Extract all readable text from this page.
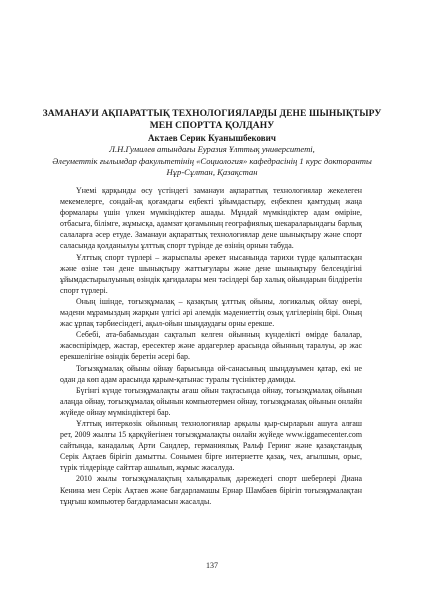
ЗАМАНАУИ АҚПАРАТТЫҚ ТЕХНОЛОГИЯЛАРДЫ ДЕНЕ ШЫНЫҚТЫРУ
МЕН СПОРТТА ҚОЛДАНУ
Актаев Серик Куанышбекович
Л.Н.Гумилев атындағы Еуразия Ұлттық университеті,
Әлеуметтік ғылымдар факультетінің «Социология» кафедрасінің 1 курс докторанты
Нұр-Сұлтан, Қазақстан

Үнемі қарқынды өсу үстіндегі заманауи ақпараттық технологиялар жекелеген мекемелерге, сондай-ақ қоғамдағы еңбекті ұйымдастыру, еңбекпен қамтудың жаңа формалары үшін үлкен мүмкіндіктер ашады. Мұндай мүмкіндіктер адам өміріне, отбасыға, білімге, жұмысқа, адамзат қоғамының географиялық шекараларындағы барлық салаларға әсер етуде. Заманауи ақпараттық технологиялар дене шынықтыру және спорт саласында қолданылуы ұлттық спорт түрінде де өзінің орнын табуда.

Ұлттық спорт түрлері – жарыспалы әрекет нысанында тарихи түрде қалыптасқан және өзіне тән дене шынықтыру жаттығулары және дене шынықтыру белсендігіні ұйымдастырылуының өзіндік қағидалары мен тәсілдері бар халық ойындарын білдіретін спорт түрлері.

Оның ішінде, тоғызқұмалақ – қазақтың ұлттық ойыны, логикалық ойлау өнері, мәдени мұрамыздың жарқын үлгісі әрі әлемдік мәдениеттің озық үлгілерінің бірі. Оның жас ұрпақ тәрбиесіндегі, ақыл-ойын шыңдаудағы орны ерекше.

Себебі, ата-бабамыздан сақталып келген ойынның күнделікті өмірде балалар, жасөспірімдер, жастар, ересектер және ардагерлер арасында ойынның таралуы, әр жас ерекшелігіне өзіндік беретін әсері бар.

Тоғызқұмалақ ойыны ойнау барысында ой-санасының шыңдауымен қатар, екі не одан да көп адам арасында қарым-қатынас туралы түсініктер дамиды.

Бүгінгі күнде тоғызқұмалақты ағаш ойын тақтасында ойнау, тоғызқұмалақ ойынын алаңда ойнау, тоғызқұмалақ ойынын компьютермен ойнау, тоғызқұмалақ ойынын онлайн жүйеде ойнау мүмкіндіктері бар.

Ұлттық интеркөзік ойынның технологиялар арқылы қыр-сырларын ашуға алғаш рет, 2009 жылғы 15 қарқүйегінен тоғызқұмалақты онлайн жүйеде www.iggamecenter.com сайтында, канадалық Арти Сандлер, германиялық Ральф Геринг және қазақстандық Серік Ақтаев бірігіп дамытты. Сонымен бірге интернетте қазақ, чех, ағылшын, орыс, түрік тілдерінде сайттар ашылып, жұмыс жасалуда.

2010 жылы тоғызқұмалақтың халықаралық дәрежедегі спорт шеберлері Диана Кенина мен Серік Ақтаев және бағдарламашы Ернар Шамбаев бірігіп тоғызқұмалақтан тұңғыш компьютер бағдарламасын жасалды.

137
